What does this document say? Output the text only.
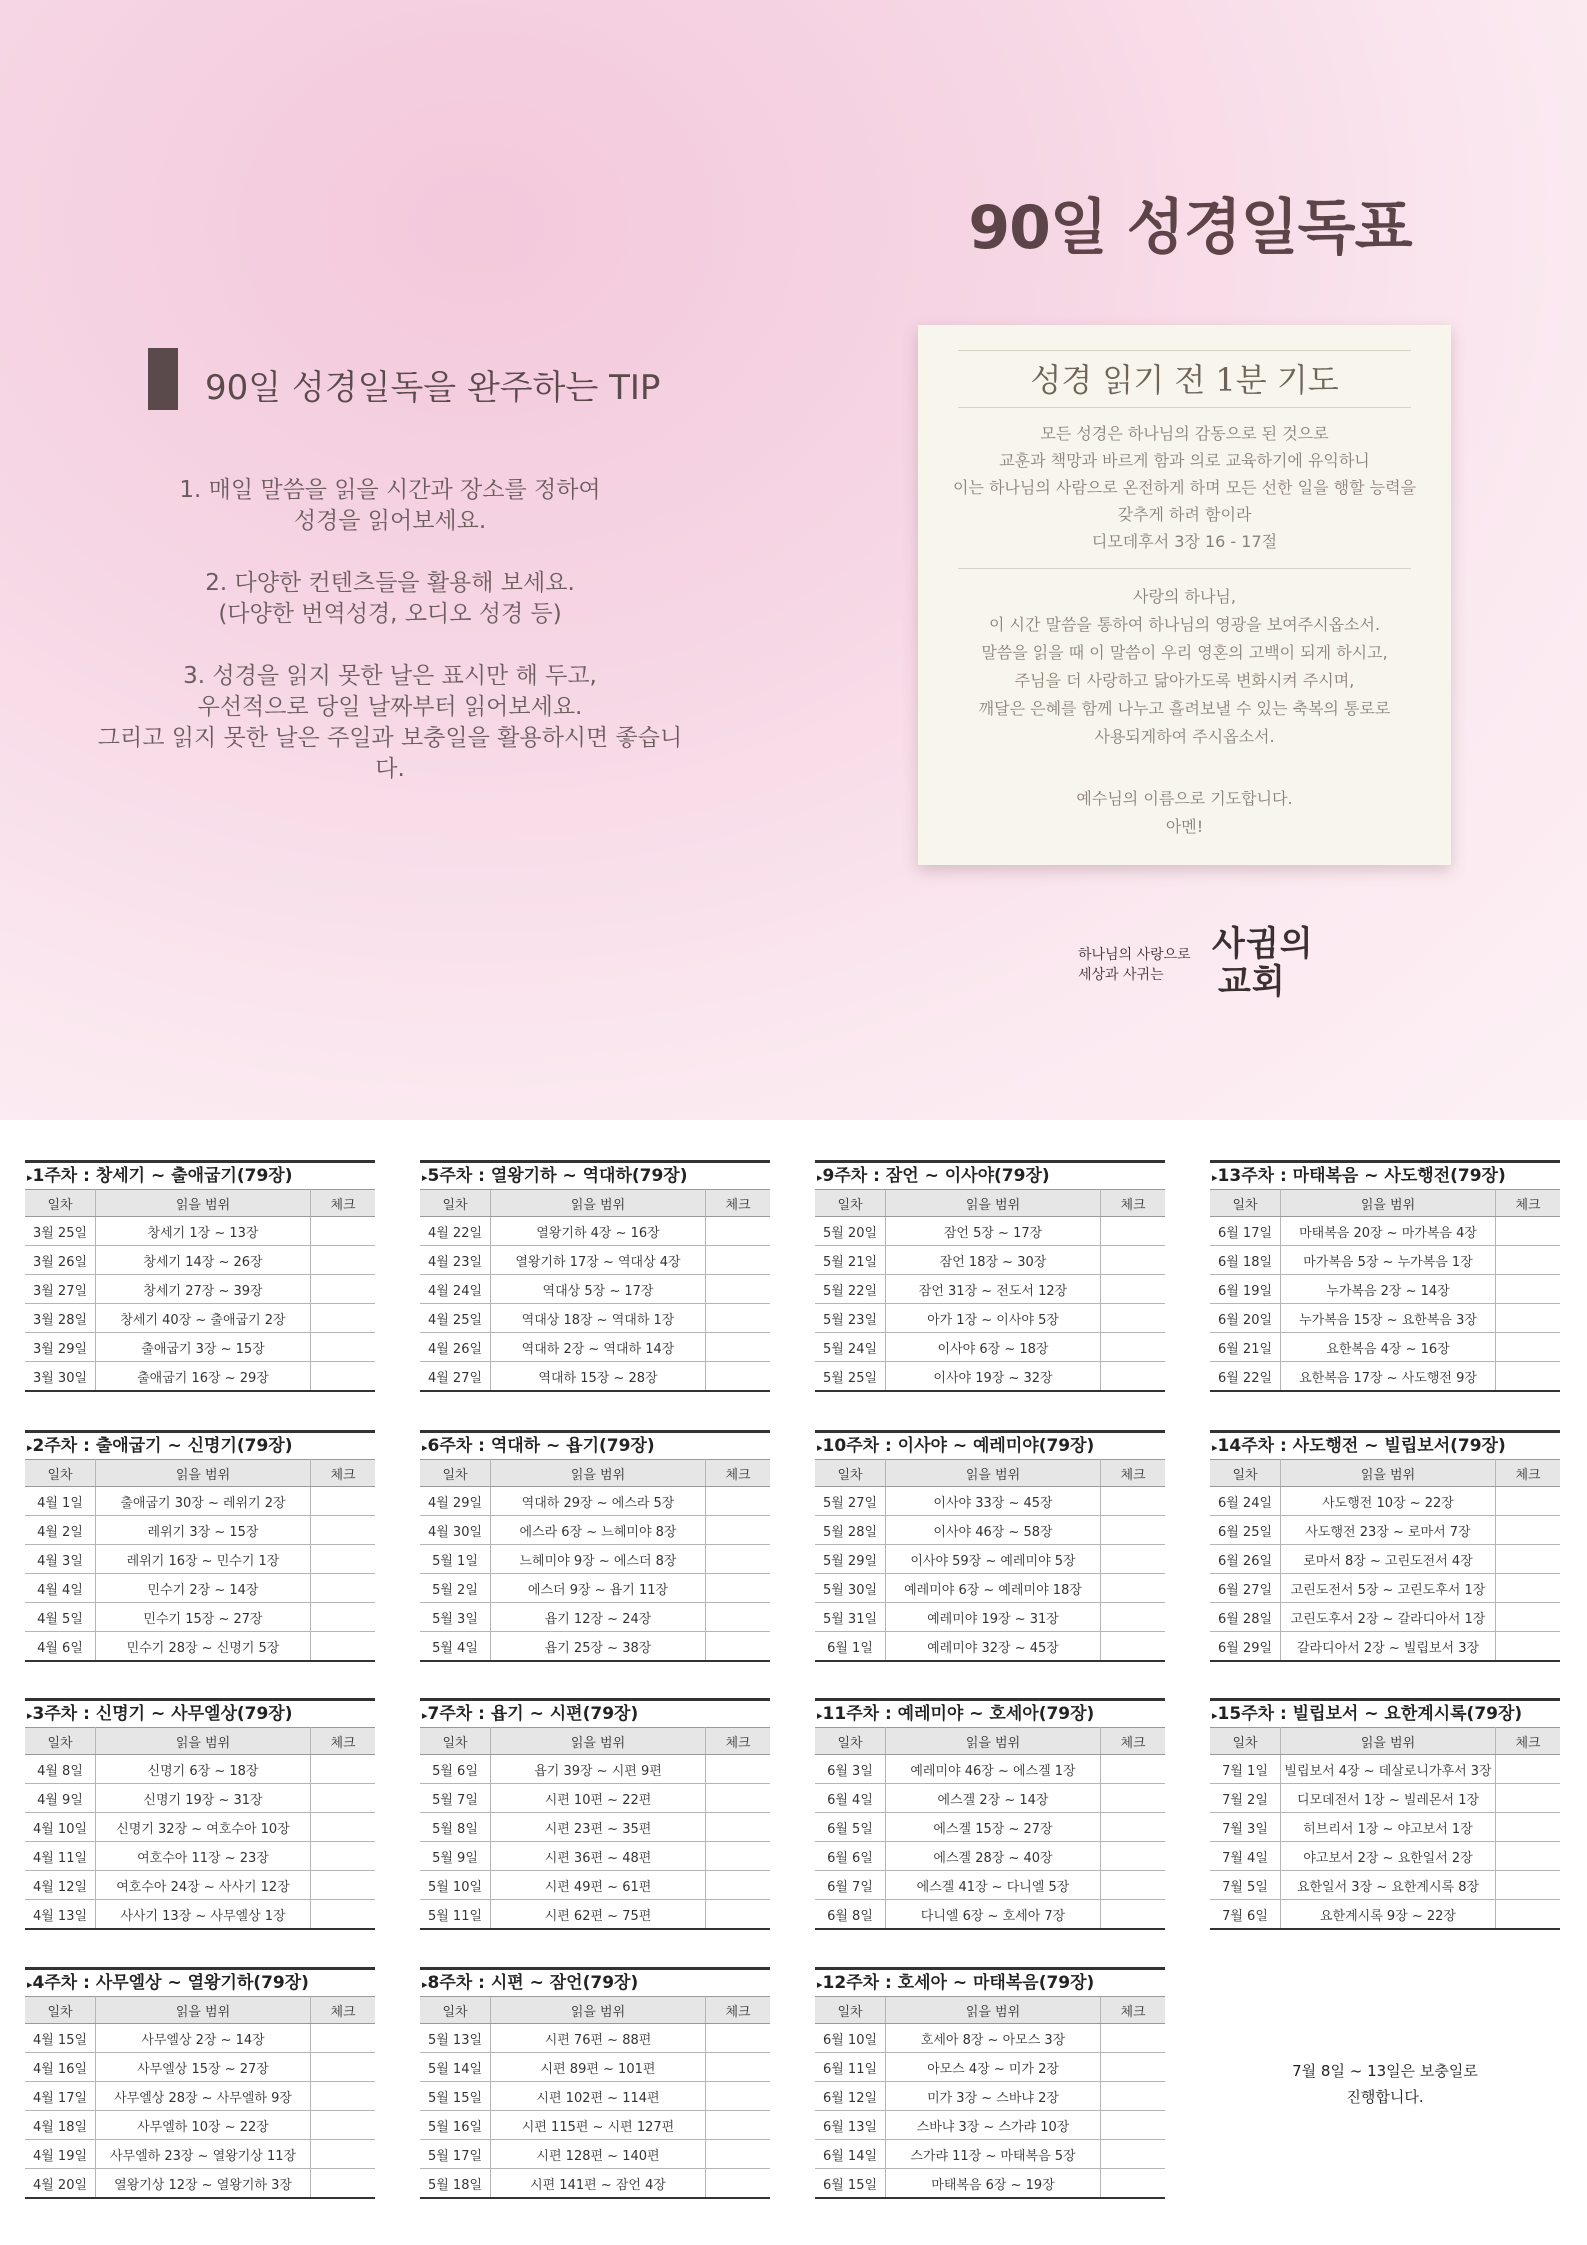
90일 성경일독표
90일 성경일독을 완주하는 TIP

1. 매일 말씀을 읽을 시간과 장소를 정하여
성경을 읽어보세요.

2. 다양한 컨텐츠들을 활용해 보세요.
(다양한 번역성경, 오디오 성경 등)

3. 성경을 읽지 못한 날은 표시만 해 두고,
우선적으로 당일 날짜부터 읽어보세요.
그리고 읽지 못한 날은 주일과 보충일을 활용하시면 좋습니다.

성경 읽기 전 1분 기도
모든 성경은 하나님의 감동으로 된 것으로
교훈과 책망과 바르게 함과 의로 교육하기에 유익하니
이는 하나님의 사람으로 온전하게 하며 모든 선한 일을 행할 능력을
갖추게 하려 함이라
디모데후서 3장 16 - 17절
사랑의 하나님,
이 시간 말씀을 통하여 하나님의 영광을 보여주시옵소서.
말씀을 읽을 때 이 말씀이 우리 영혼의 고백이 되게 하시고,
주님을 더 사랑하고 닮아가도록 변화시켜 주시며,
깨달은 은혜를 함께 나누고 흘려보낼 수 있는 축복의 통로로
사용되게하여 주시옵소서.
예수님의 이름으로 기도합니다.
아멘!
하나님의 사랑으로
세상과 사귀는
사귐의
교회
▸1주차 : 창세기 ~ 출애굽기(79장)
일차	읽을 범위	체크
3월 25일	창세기 1장 ~ 13장	
3월 26일	창세기 14장 ~ 26장	
3월 27일	창세기 27장 ~ 39장	
3월 28일	창세기 40장 ~ 출애굽기 2장	
3월 29일	출애굽기 3장 ~ 15장	
3월 30일	출애굽기 16장 ~ 29장	
▸2주차 : 출애굽기 ~ 신명기(79장)
일차	읽을 범위	체크
4월 1일	출애굽기 30장 ~ 레위기 2장	
4월 2일	레위기 3장 ~ 15장	
4월 3일	레위기 16장 ~ 민수기 1장	
4월 4일	민수기 2장 ~ 14장	
4월 5일	민수기 15장 ~ 27장	
4월 6일	민수기 28장 ~ 신명기 5장	
▸3주차 : 신명기 ~ 사무엘상(79장)
일차	읽을 범위	체크
4월 8일	신명기 6장 ~ 18장	
4월 9일	신명기 19장 ~ 31장	
4월 10일	신명기 32장 ~ 여호수아 10장	
4월 11일	여호수아 11장 ~ 23장	
4월 12일	여호수아 24장 ~ 사사기 12장	
4월 13일	사사기 13장 ~ 사무엘상 1장	
▸4주차 : 사무엘상 ~ 열왕기하(79장)
일차	읽을 범위	체크
4월 15일	사무엘상 2장 ~ 14장	
4월 16일	사무엘상 15장 ~ 27장	
4월 17일	사무엘상 28장 ~ 사무엘하 9장	
4월 18일	사무엘하 10장 ~ 22장	
4월 19일	사무엘하 23장 ~ 열왕기상 11장	
4월 20일	열왕기상 12장 ~ 열왕기하 3장	
▸5주차 : 열왕기하 ~ 역대하(79장)
일차	읽을 범위	체크
4월 22일	열왕기하 4장 ~ 16장	
4월 23일	열왕기하 17장 ~ 역대상 4장	
4월 24일	역대상 5장 ~ 17장	
4월 25일	역대상 18장 ~ 역대하 1장	
4월 26일	역대하 2장 ~ 역대하 14장	
4월 27일	역대하 15장 ~ 28장	
▸6주차 : 역대하 ~ 욥기(79장)
일차	읽을 범위	체크
4월 29일	역대하 29장 ~ 에스라 5장	
4월 30일	에스라 6장 ~ 느헤미야 8장	
5월 1일	느헤미야 9장 ~ 에스더 8장	
5월 2일	에스더 9장 ~ 욥기 11장	
5월 3일	욥기 12장 ~ 24장	
5월 4일	욥기 25장 ~ 38장	
▸7주차 : 욥기 ~ 시편(79장)
일차	읽을 범위	체크
5월 6일	욥기 39장 ~ 시편 9편	
5월 7일	시편 10편 ~ 22편	
5월 8일	시편 23편 ~ 35편	
5월 9일	시편 36편 ~ 48편	
5월 10일	시편 49편 ~ 61편	
5월 11일	시편 62편 ~ 75편	
▸8주차 : 시편 ~ 잠언(79장)
일차	읽을 범위	체크
5월 13일	시편 76편 ~ 88편	
5월 14일	시편 89편 ~ 101편	
5월 15일	시편 102편 ~ 114편	
5월 16일	시편 115편 ~ 시편 127편	
5월 17일	시편 128편 ~ 140편	
5월 18일	시편 141편 ~ 잠언 4장	
▸9주차 : 잠언 ~ 이사야(79장)
일차	읽을 범위	체크
5월 20일	잠언 5장 ~ 17장	
5월 21일	잠언 18장 ~ 30장	
5월 22일	잠언 31장 ~ 전도서 12장	
5월 23일	아가 1장 ~ 이사야 5장	
5월 24일	이사야 6장 ~ 18장	
5월 25일	이사야 19장 ~ 32장	
▸10주차 : 이사야 ~ 예레미야(79장)
일차	읽을 범위	체크
5월 27일	이사야 33장 ~ 45장	
5월 28일	이사야 46장 ~ 58장	
5월 29일	이사야 59장 ~ 예레미야 5장	
5월 30일	예레미야 6장 ~ 예레미야 18장	
5월 31일	예레미야 19장 ~ 31장	
6월 1일	예레미야 32장 ~ 45장	
▸11주차 : 예레미야 ~ 호세아(79장)
일차	읽을 범위	체크
6월 3일	예레미야 46장 ~ 에스겔 1장	
6월 4일	에스겔 2장 ~ 14장	
6월 5일	에스겔 15장 ~ 27장	
6월 6일	에스겔 28장 ~ 40장	
6월 7일	에스겔 41장 ~ 다니엘 5장	
6월 8일	다니엘 6장 ~ 호세아 7장	
▸12주차 : 호세아 ~ 마태복음(79장)
일차	읽을 범위	체크
6월 10일	호세아 8장 ~ 아모스 3장	
6월 11일	아모스 4장 ~ 미가 2장	
6월 12일	미가 3장 ~ 스바냐 2장	
6월 13일	스바냐 3장 ~ 스가랴 10장	
6월 14일	스가랴 11장 ~ 마태복음 5장	
6월 15일	마태복음 6장 ~ 19장	
▸13주차 : 마태복음 ~ 사도행전(79장)
일차	읽을 범위	체크
6월 17일	마태복음 20장 ~ 마가복음 4장	
6월 18일	마가복음 5장 ~ 누가복음 1장	
6월 19일	누가복음 2장 ~ 14장	
6월 20일	누가복음 15장 ~ 요한복음 3장	
6월 21일	요한복음 4장 ~ 16장	
6월 22일	요한복음 17장 ~ 사도행전 9장	
▸14주차 : 사도행전 ~ 빌립보서(79장)
일차	읽을 범위	체크
6월 24일	사도행전 10장 ~ 22장	
6월 25일	사도행전 23장 ~ 로마서 7장	
6월 26일	로마서 8장 ~ 고린도전서 4장	
6월 27일	고린도전서 5장 ~ 고린도후서 1장	
6월 28일	고린도후서 2장 ~ 갈라디아서 1장	
6월 29일	갈라디아서 2장 ~ 빌립보서 3장	
▸15주차 : 빌립보서 ~ 요한계시록(79장)
일차	읽을 범위	체크
7월 1일	빌립보서 4장 ~ 데살로니가후서 3장	
7월 2일	디모데전서 1장 ~ 빌레몬서 1장	
7월 3일	히브리서 1장 ~ 야고보서 1장	
7월 4일	야고보서 2장 ~ 요한일서 2장	
7월 5일	요한일서 3장 ~ 요한계시록 8장	
7월 6일	요한계시록 9장 ~ 22장	
7월 8일 ~ 13일은 보충일로
진행합니다.
